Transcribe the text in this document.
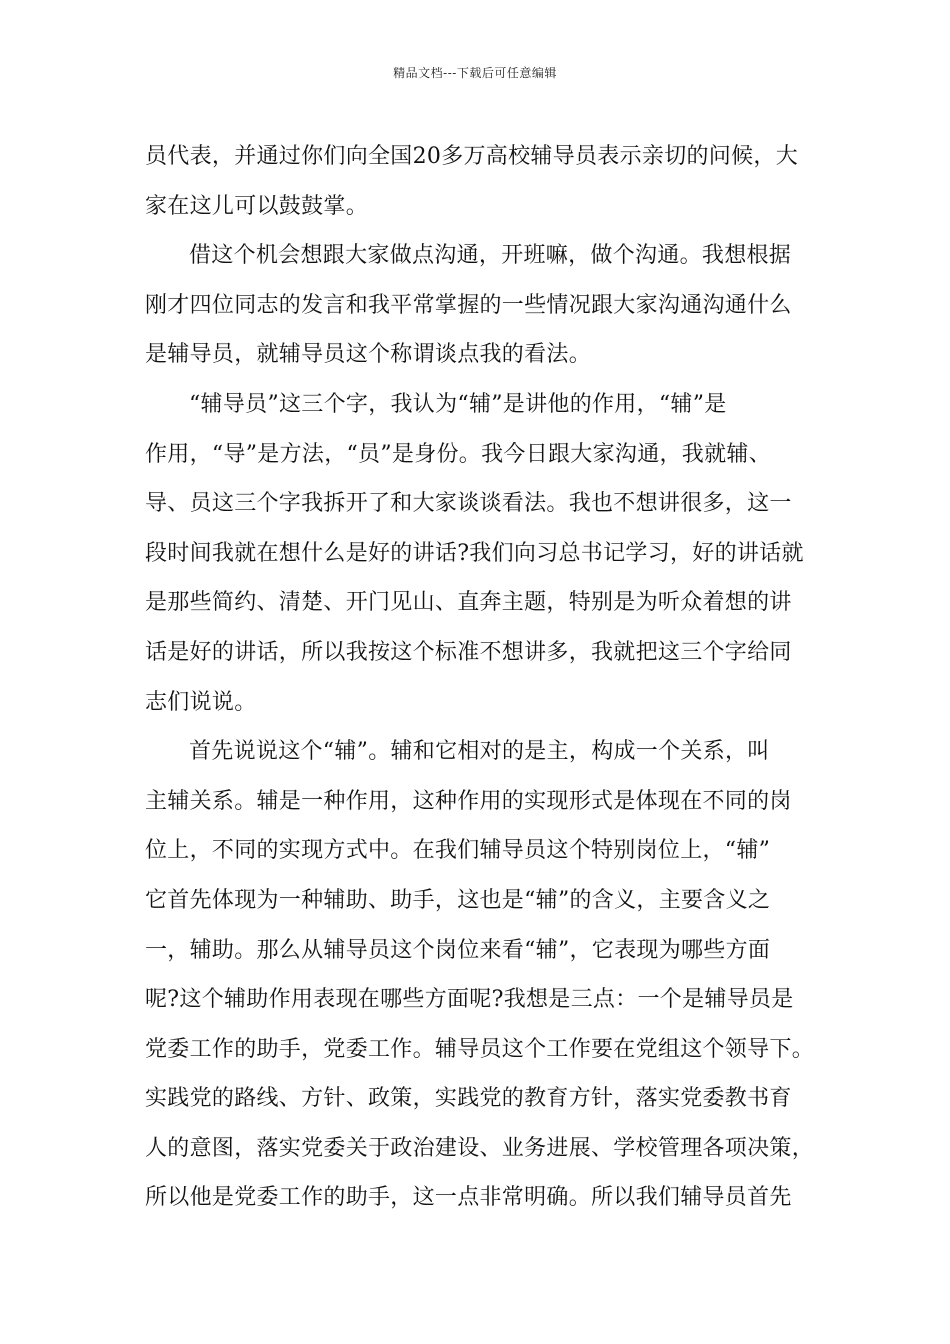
精品文档---下载后可任意编辑
员代表，并通过你们向全国20多万高校辅导员表示亲切的问候，大
家在这儿可以鼓鼓掌。
借这个机会想跟大家做点沟通，开班嘛，做个沟通。我想根据
刚才四位同志的发言和我平常掌握的一些情况跟大家沟通沟通什么
是辅导员，就辅导员这个称谓谈点我的看法。
“辅导员”这三个字，我认为“辅”是讲他的作用，“辅”是
作用，“导”是方法，“员”是身份。我今日跟大家沟通，我就辅、
导、员这三个字我拆开了和大家谈谈看法。我也不想讲很多，这一
段时间我就在想什么是好的讲话?我们向习总书记学习，好的讲话就
是那些简约、清楚、开门见山、直奔主题，特别是为听众着想的讲
话是好的讲话，所以我按这个标准不想讲多，我就把这三个字给同
志们说说。
首先说说这个“辅”。辅和它相对的是主，构成一个关系，叫
主辅关系。辅是一种作用，这种作用的实现形式是体现在不同的岗
位上，不同的实现方式中。在我们辅导员这个特别岗位上，“辅”
它首先体现为一种辅助、助手，这也是“辅”的含义，主要含义之
一，辅助。那么从辅导员这个岗位来看“辅”，它表现为哪些方面
呢?这个辅助作用表现在哪些方面呢?我想是三点：一个是辅导员是
党委工作的助手，党委工作。辅导员这个工作要在党组这个领导下。
实践党的路线、方针、政策，实践党的教育方针，落实党委教书育
人的意图，落实党委关于政治建设、业务进展、学校管理各项决策，
所以他是党委工作的助手，这一点非常明确。所以我们辅导员首先
